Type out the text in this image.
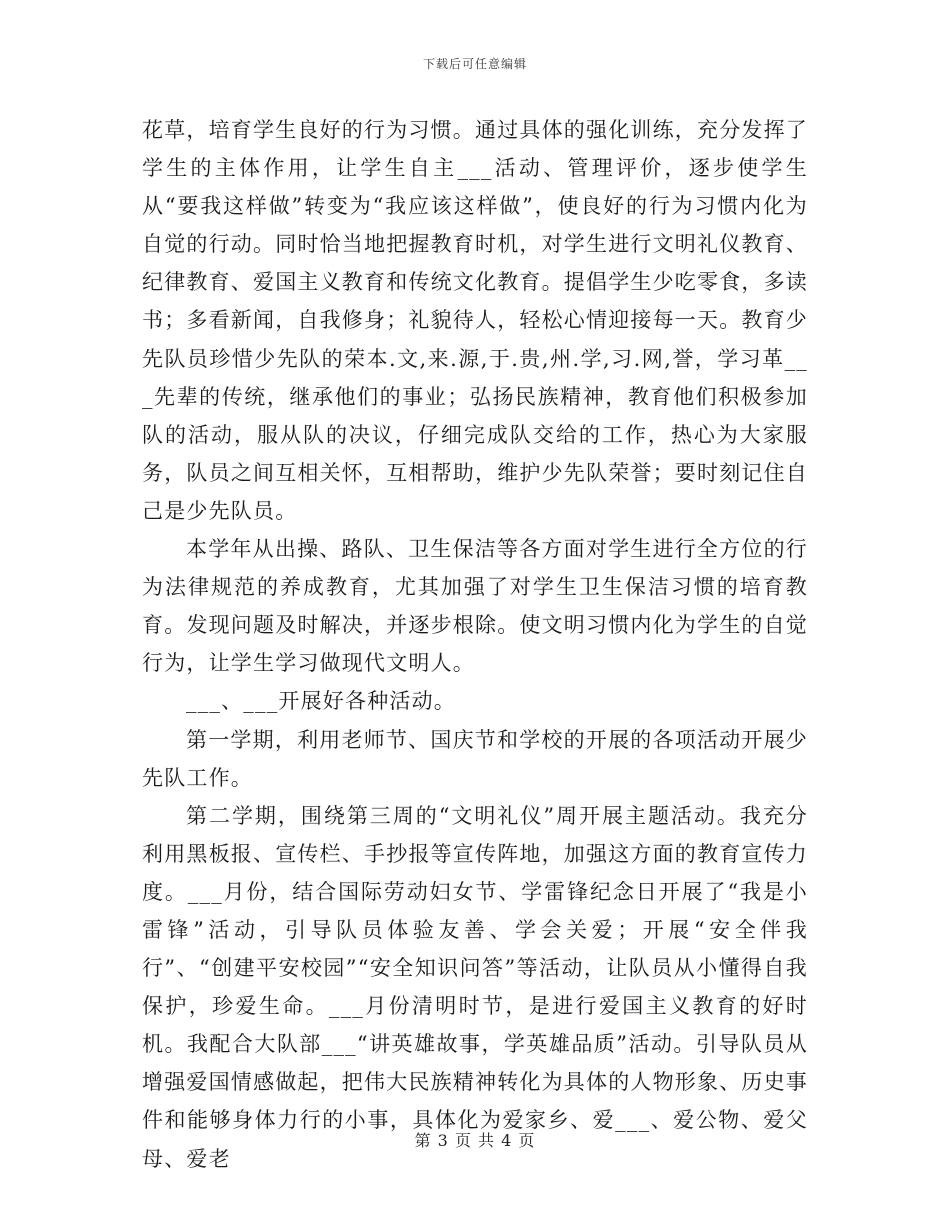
下载后可任意编辑

花草，培育学生良好的行为习惯。通过具体的强化训练，充分发挥了学生的主体作用，让学生自主___活动、管理评价，逐步使学生从“要我这样做”转变为“我应该这样做”，使良好的行为习惯内化为自觉的行动。同时恰当地把握教育时机，对学生进行文明礼仪教育、纪律教育、爱国主义教育和传统文化教育。提倡学生少吃零食，多读书；多看新闻，自我修身；礼貌待人，轻松心情迎接每一天。教育少先队员珍惜少先队的荣本.文,来.源,于.贵,州.学,习.网,誉，学习革___先辈的传统，继承他们的事业；弘扬民族精神，教育他们积极参加队的活动，服从队的决议，仔细完成队交给的工作，热心为大家服务，队员之间互相关怀，互相帮助，维护少先队荣誉；要时刻记住自己是少先队员。

本学年从出操、路队、卫生保洁等各方面对学生进行全方位的行为法律规范的养成教育，尤其加强了对学生卫生保洁习惯的培育教育。发现问题及时解决，并逐步根除。使文明习惯内化为学生的自觉行为，让学生学习做现代文明人。

___、___开展好各种活动。

第一学期，利用老师节、国庆节和学校的开展的各项活动开展少先队工作。

第二学期，围绕第三周的“文明礼仪”周开展主题活动。我充分利用黑板报、宣传栏、手抄报等宣传阵地，加强这方面的教育宣传力度。___月份，结合国际劳动妇女节、学雷锋纪念日开展了“我是小雷锋”活动，引导队员体验友善、学会关爱；开展“安全伴我行”、“创建平安校园”“安全知识问答”等活动，让队员从小懂得自我保护，珍爱生命。___月份清明时节，是进行爱国主义教育的好时机。我配合大队部___“讲英雄故事，学英雄品质”活动。引导队员从增强爱国情感做起，把伟大民族精神转化为具体的人物形象、历史事件和能够身体力行的小事，具体化为爱家乡、爱___、爱公物、爱父母、爱老

第 3 页 共 4 页
